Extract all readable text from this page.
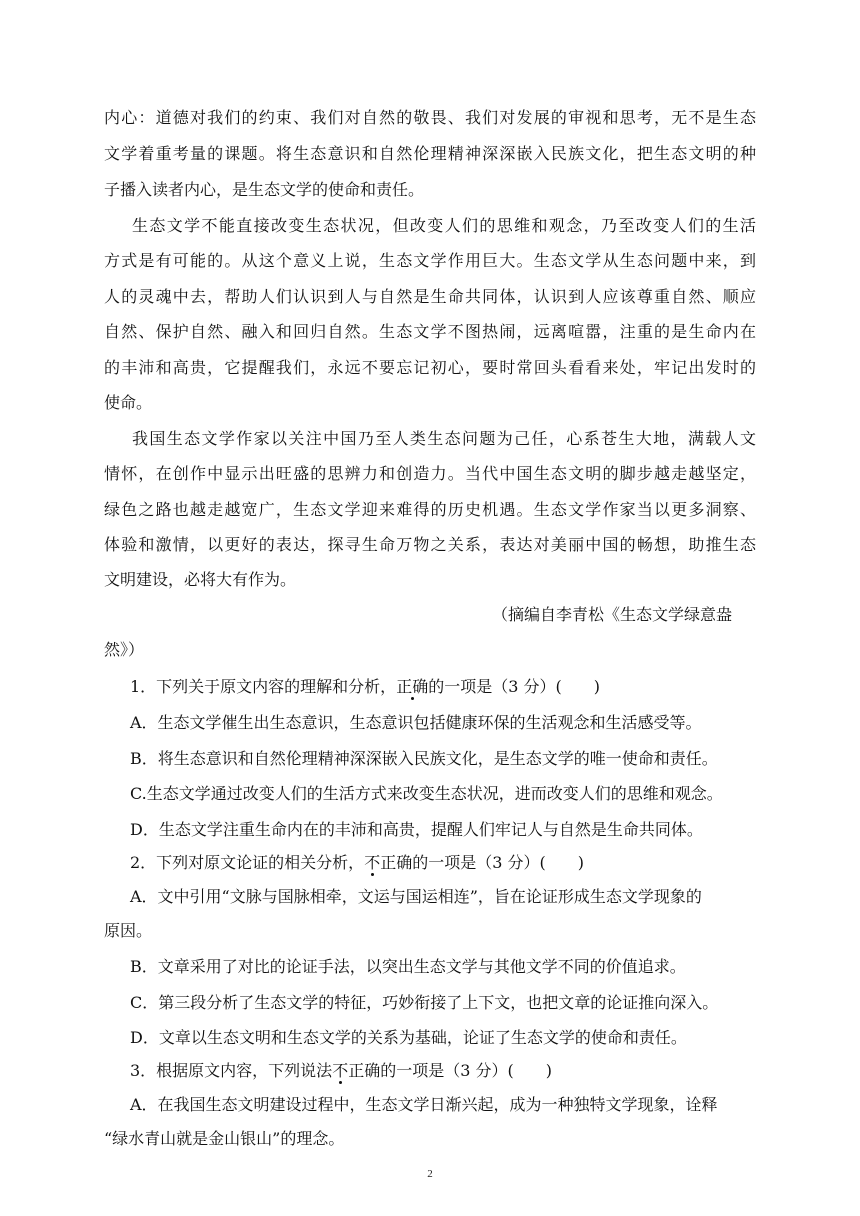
内心：道德对我们的约束、我们对自然的敬畏、我们对发展的审视和思考，无不是生态
文学着重考量的课题。将生态意识和自然伦理精神深深嵌入民族文化，把生态文明的种
子播入读者内心，是生态文学的使命和责任。
生态文学不能直接改变生态状况，但改变人们的思维和观念，乃至改变人们的生活
方式是有可能的。从这个意义上说，生态文学作用巨大。生态文学从生态问题中来，到
人的灵魂中去，帮助人们认识到人与自然是生命共同体，认识到人应该尊重自然、顺应
自然、保护自然、融入和回归自然。生态文学不图热闹，远离喧嚣，注重的是生命内在
的丰沛和高贵，它提醒我们，永远不要忘记初心，要时常回头看看来处，牢记出发时的
使命。
我国生态文学作家以关注中国乃至人类生态问题为己任，心系苍生大地，满载人文
情怀，在创作中显示出旺盛的思辨力和创造力。当代中国生态文明的脚步越走越坚定，
绿色之路也越走越宽广，生态文学迎来难得的历史机遇。生态文学作家当以更多洞察、
体验和激情，以更好的表达，探寻生命万物之关系，表达对美丽中国的畅想，助推生态
文明建设，必将大有作为。
（摘编自李青松《生态文学绿意盎
然》）
1．下列关于原文内容的理解和分析，正确的一项是（3 分）(　　)
A．生态文学催生出生态意识，生态意识包括健康环保的生活观念和生活感受等。
B．将生态意识和自然伦理精神深深嵌入民族文化，是生态文学的唯一使命和责任。
C.生态文学通过改变人们的生活方式来改变生态状况，进而改变人们的思维和观念。
D．生态文学注重生命内在的丰沛和高贵，提醒人们牢记人与自然是生命共同体。
2．下列对原文论证的相关分析，不正确的一项是（3 分）(　　)
A．文中引用“文脉与国脉相牵，文运与国运相连”，旨在论证形成生态文学现象的
原因。
B．文章采用了对比的论证手法，以突出生态文学与其他文学不同的价值追求。
C．第三段分析了生态文学的特征，巧妙衔接了上下文，也把文章的论证推向深入。
D．文章以生态文明和生态文学的关系为基础，论证了生态文学的使命和责任。
3．根据原文内容，下列说法不正确的一项是（3 分）(　　)
A．在我国生态文明建设过程中，生态文学日渐兴起，成为一种独特文学现象，诠释
“绿水青山就是金山银山”的理念。
2
